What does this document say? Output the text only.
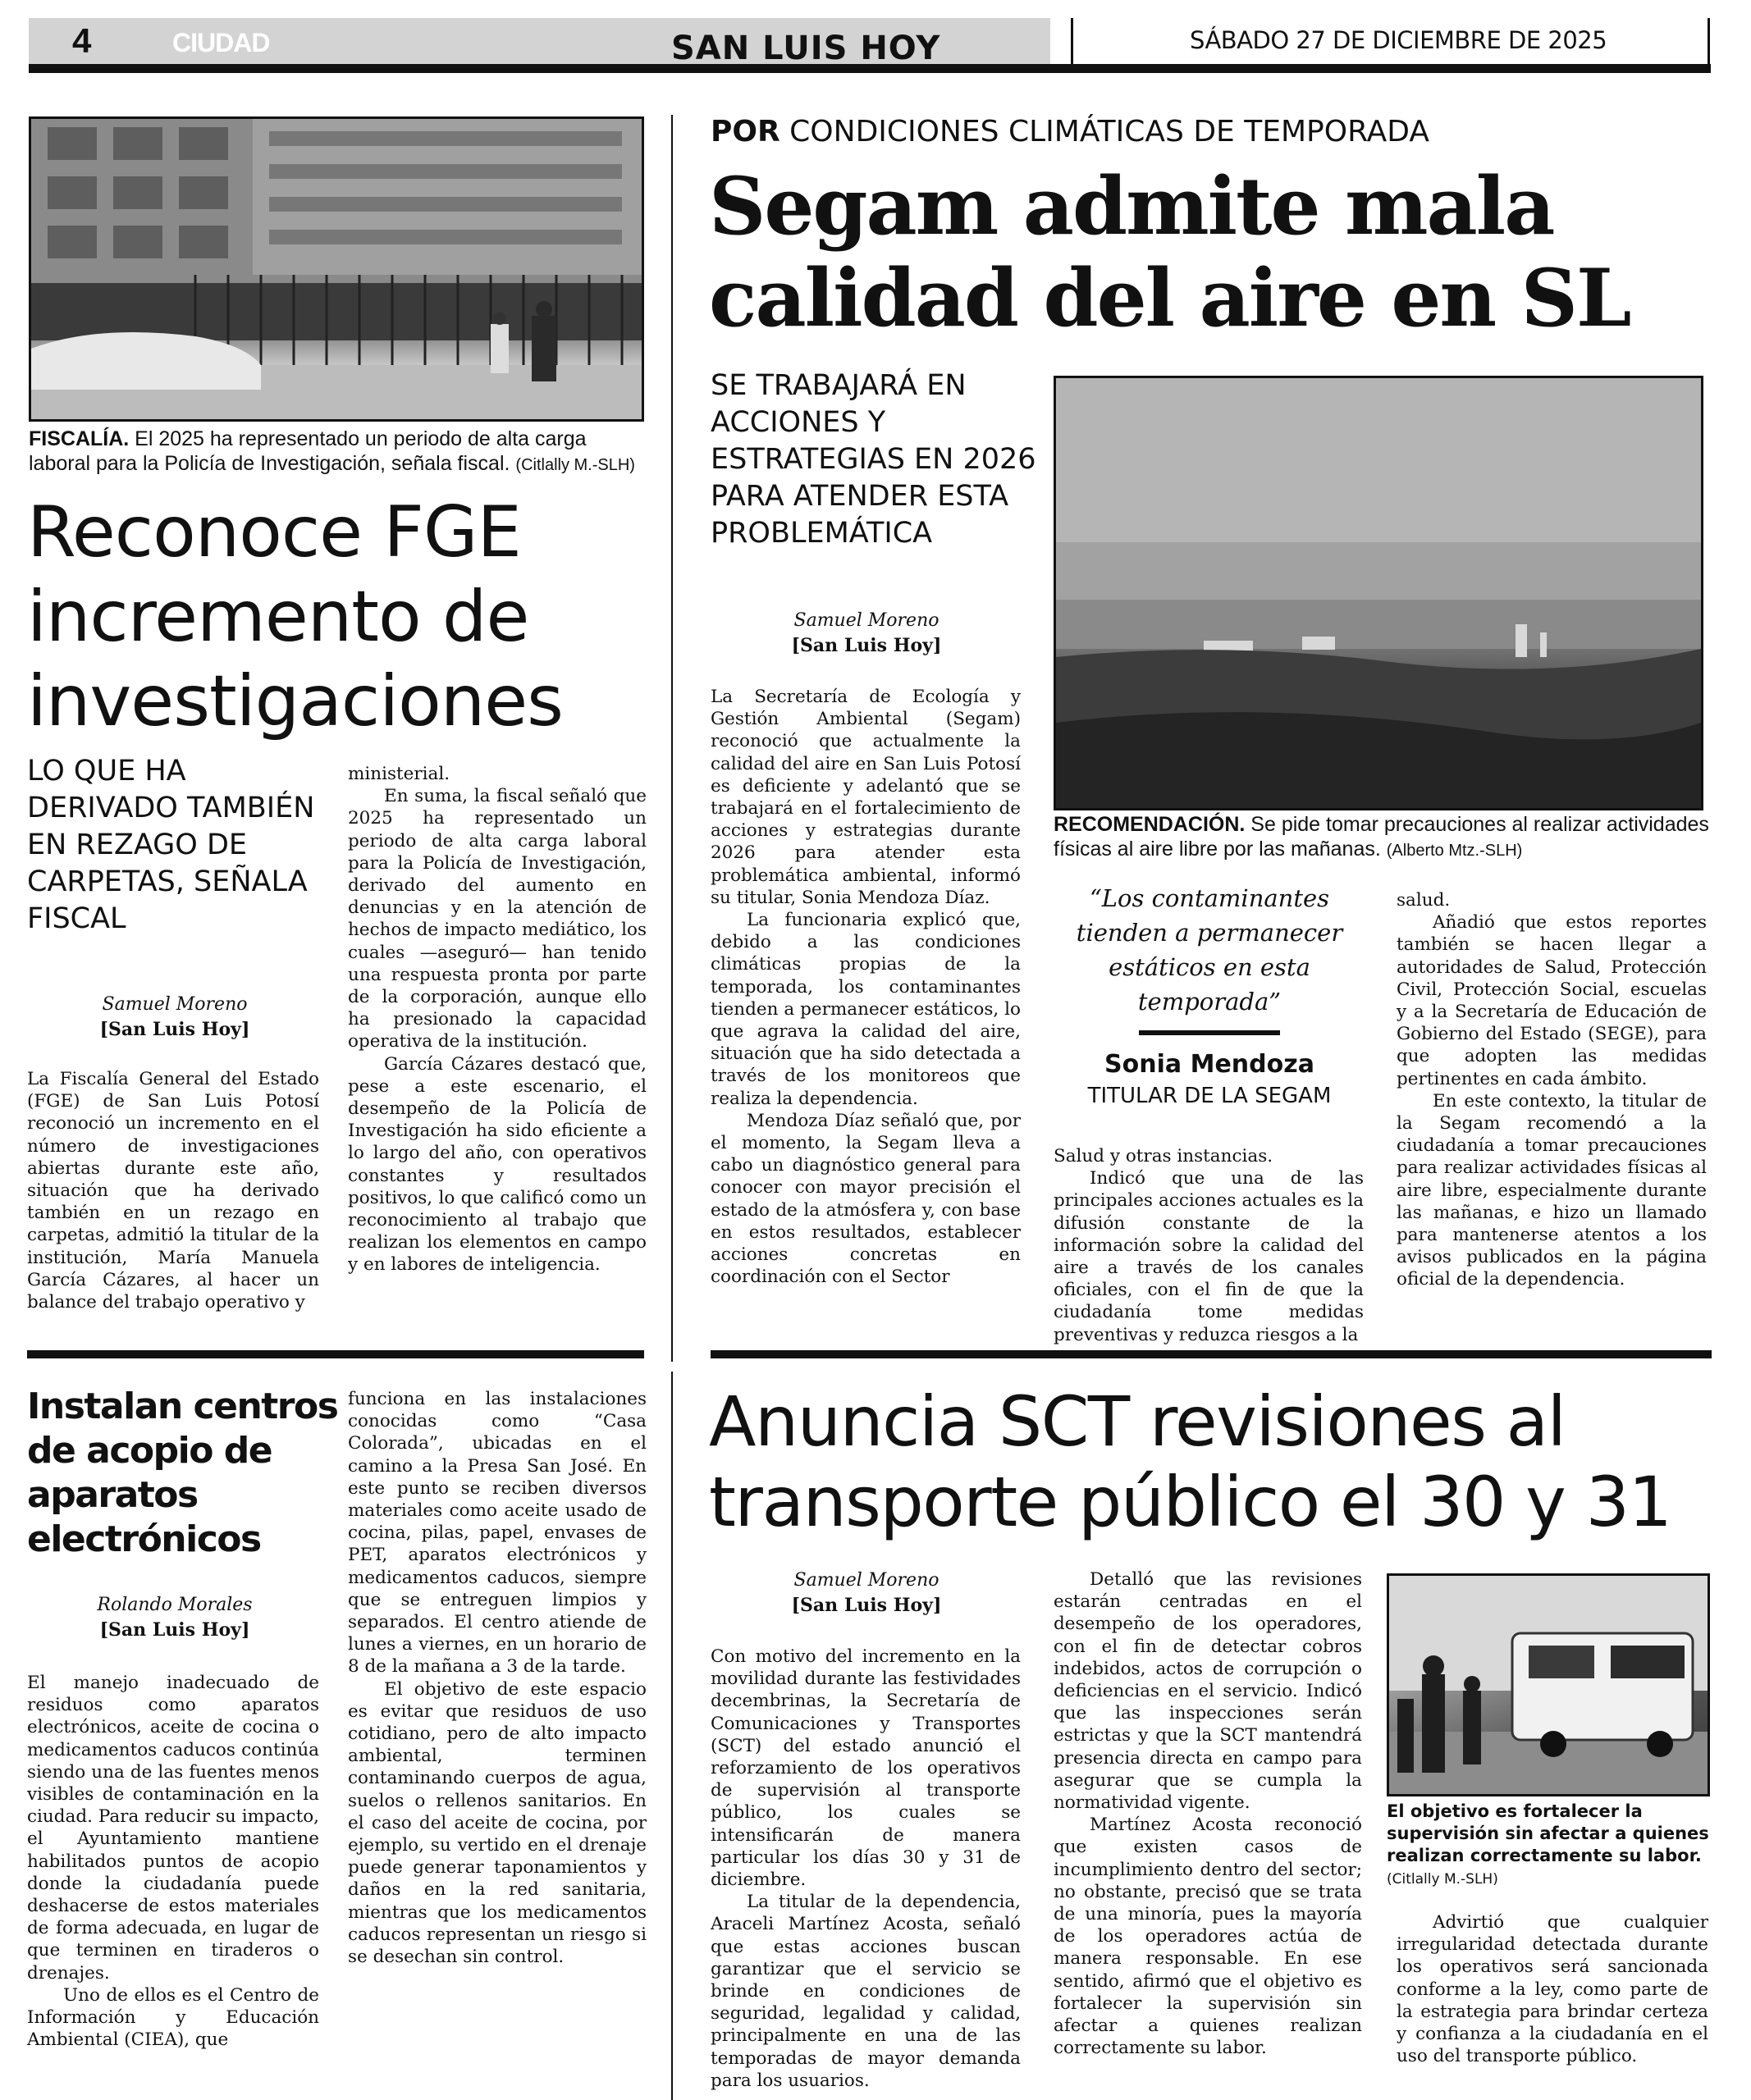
4	CIUDAD	SAN LUIS HOY	SÁBADO 27 DE DICIEMBRE DE 2025
FISCALÍA. El 2025 ha representado un periodo de alta carga laboral para la Policía de Investigación, señala fiscal. (Citlally M.-SLH)
Reconoce FGE incremento de investigaciones
LO QUE HA DERIVADO TAMBIÉN EN REZAGO DE CARPETAS, SEÑALA FISCAL
Samuel Moreno
[San Luis Hoy]

La Fiscalía General del Estado (FGE) de San Luis Potosí reconoció un incremento en el número de investigaciones abiertas durante este año, situación que ha derivado también en un rezago en carpetas, admitió la titular de la institución, María Manuela García Cázares, al hacer un balance del trabajo operativo y

ministerial.

En suma, la fiscal señaló que 2025 ha representado un periodo de alta carga laboral para la Policía de Investigación, derivado del aumento en denuncias y en la atención de hechos de impacto mediático, los cuales —aseguró— han tenido una respuesta pronta por parte de la corporación, aunque ello ha presionado la capacidad operativa de la institución.

García Cázares destacó que, pese a este escenario, el desempeño de la Policía de Investigación ha sido eficiente a lo largo del año, con operativos constantes y resultados positivos, lo que calificó como un reconocimiento al trabajo que realizan los elementos en campo y en labores de inteligencia.

POR CONDICIONES CLIMÁTICAS DE TEMPORADA
Segam admite mala calidad del aire en SL
SE TRABAJARÁ EN ACCIONES Y ESTRATEGIAS EN 2026 PARA ATENDER ESTA PROBLEMÁTICA
Samuel Moreno
[San Luis Hoy]
RECOMENDACIÓN. Se pide tomar precauciones al realizar actividades físicas al aire libre por las mañanas. (Alberto Mtz.-SLH)

La Secretaría de Ecología y Gestión Ambiental (Segam) reconoció que actualmente la calidad del aire en San Luis Potosí es deficiente y adelantó que se trabajará en el fortalecimiento de acciones y estrategias durante 2026 para atender esta problemática ambiental, informó su titular, Sonia Mendoza Díaz.

La funcionaria explicó que, debido a las condiciones climáticas propias de la temporada, los contaminantes tienden a permanecer estáticos, lo que agrava la calidad del aire, situación que ha sido detectada a través de los monitoreos que realiza la dependencia.

Mendoza Díaz señaló que, por el momento, la Segam lleva a cabo un diagnóstico general para conocer con mayor precisión el estado de la atmósfera y, con base en estos resultados, establecer acciones concretas en coordinación con el Sector

“Los contaminantes tienden a permanecer estáticos en esta temporada”
Sonia Mendoza
TITULAR DE LA SEGAM

Salud y otras instancias.

Indicó que una de las principales acciones actuales es la difusión constante de la información sobre la calidad del aire a través de los canales oficiales, con el fin de que la ciudadanía tome medidas preventivas y reduzca riesgos a la

salud.

Añadió que estos reportes también se hacen llegar a autoridades de Salud, Protección Civil, Protección Social, escuelas y a la Secretaría de Educación de Gobierno del Estado (SEGE), para que adopten las medidas pertinentes en cada ámbito.

En este contexto, la titular de la Segam recomendó a la ciudadanía a tomar precauciones para realizar actividades físicas al aire libre, especialmente durante las mañanas, e hizo un llamado para mantenerse atentos a los avisos publicados en la página oficial de la dependencia.

Instalan centros de acopio de aparatos electrónicos
Rolando Morales
[San Luis Hoy]

El manejo inadecuado de residuos como aparatos electrónicos, aceite de cocina o medicamentos caducos continúa siendo una de las fuentes menos visibles de contaminación en la ciudad. Para reducir su impacto, el Ayuntamiento mantiene habilitados puntos de acopio donde la ciudadanía puede deshacerse de estos materiales de forma adecuada, en lugar de que terminen en tiraderos o drenajes.

Uno de ellos es el Centro de Información y Educación Ambiental (CIEA), que

funciona en las instalaciones conocidas como “Casa Colorada”, ubicadas en el camino a la Presa San José. En este punto se reciben diversos materiales como aceite usado de cocina, pilas, papel, envases de PET, aparatos electrónicos y medicamentos caducos, siempre que se entreguen limpios y separados. El centro atiende de lunes a viernes, en un horario de 8 de la mañana a 3 de la tarde.

El objetivo de este espacio es evitar que residuos de uso cotidiano, pero de alto impacto ambiental, terminen contaminando cuerpos de agua, suelos o rellenos sanitarios. En el caso del aceite de cocina, por ejemplo, su vertido en el drenaje puede generar taponamientos y daños en la red sanitaria, mientras que los medicamentos caducos representan un riesgo si se desechan sin control.

Anuncia SCT revisiones al transporte público el 30 y 31
Samuel Moreno
[San Luis Hoy]

Con motivo del incremento en la movilidad durante las festividades decembrinas, la Secretaría de Comunicaciones y Transportes (SCT) del estado anunció el reforzamiento de los operativos de supervisión al transporte público, los cuales se intensificarán de manera particular los días 30 y 31 de diciembre.

La titular de la dependencia, Araceli Martínez Acosta, señaló que estas acciones buscan garantizar que el servicio se brinde en condiciones de seguridad, legalidad y calidad, principalmente en una de las temporadas de mayor demanda para los usuarios.

Detalló que las revisiones estarán centradas en el desempeño de los operadores, con el fin de detectar cobros indebidos, actos de corrupción o deficiencias en el servicio. Indicó que las inspecciones serán estrictas y que la SCT mantendrá presencia directa en campo para asegurar que se cumpla la normatividad vigente.

Martínez Acosta reconoció que existen casos de incumplimiento dentro del sector; no obstante, precisó que se trata de una minoría, pues la mayoría de los operadores actúa de manera responsable. En ese sentido, afirmó que el objetivo es fortalecer la supervisión sin afectar a quienes realizan correctamente su labor.

El objetivo es fortalecer la supervisión sin afectar a quienes realizan correctamente su labor. (Citlally M.-SLH)

Advirtió que cualquier irregularidad detectada durante los operativos será sancionada conforme a la ley, como parte de la estrategia para brindar certeza y confianza a la ciudadanía en el uso del transporte público.
